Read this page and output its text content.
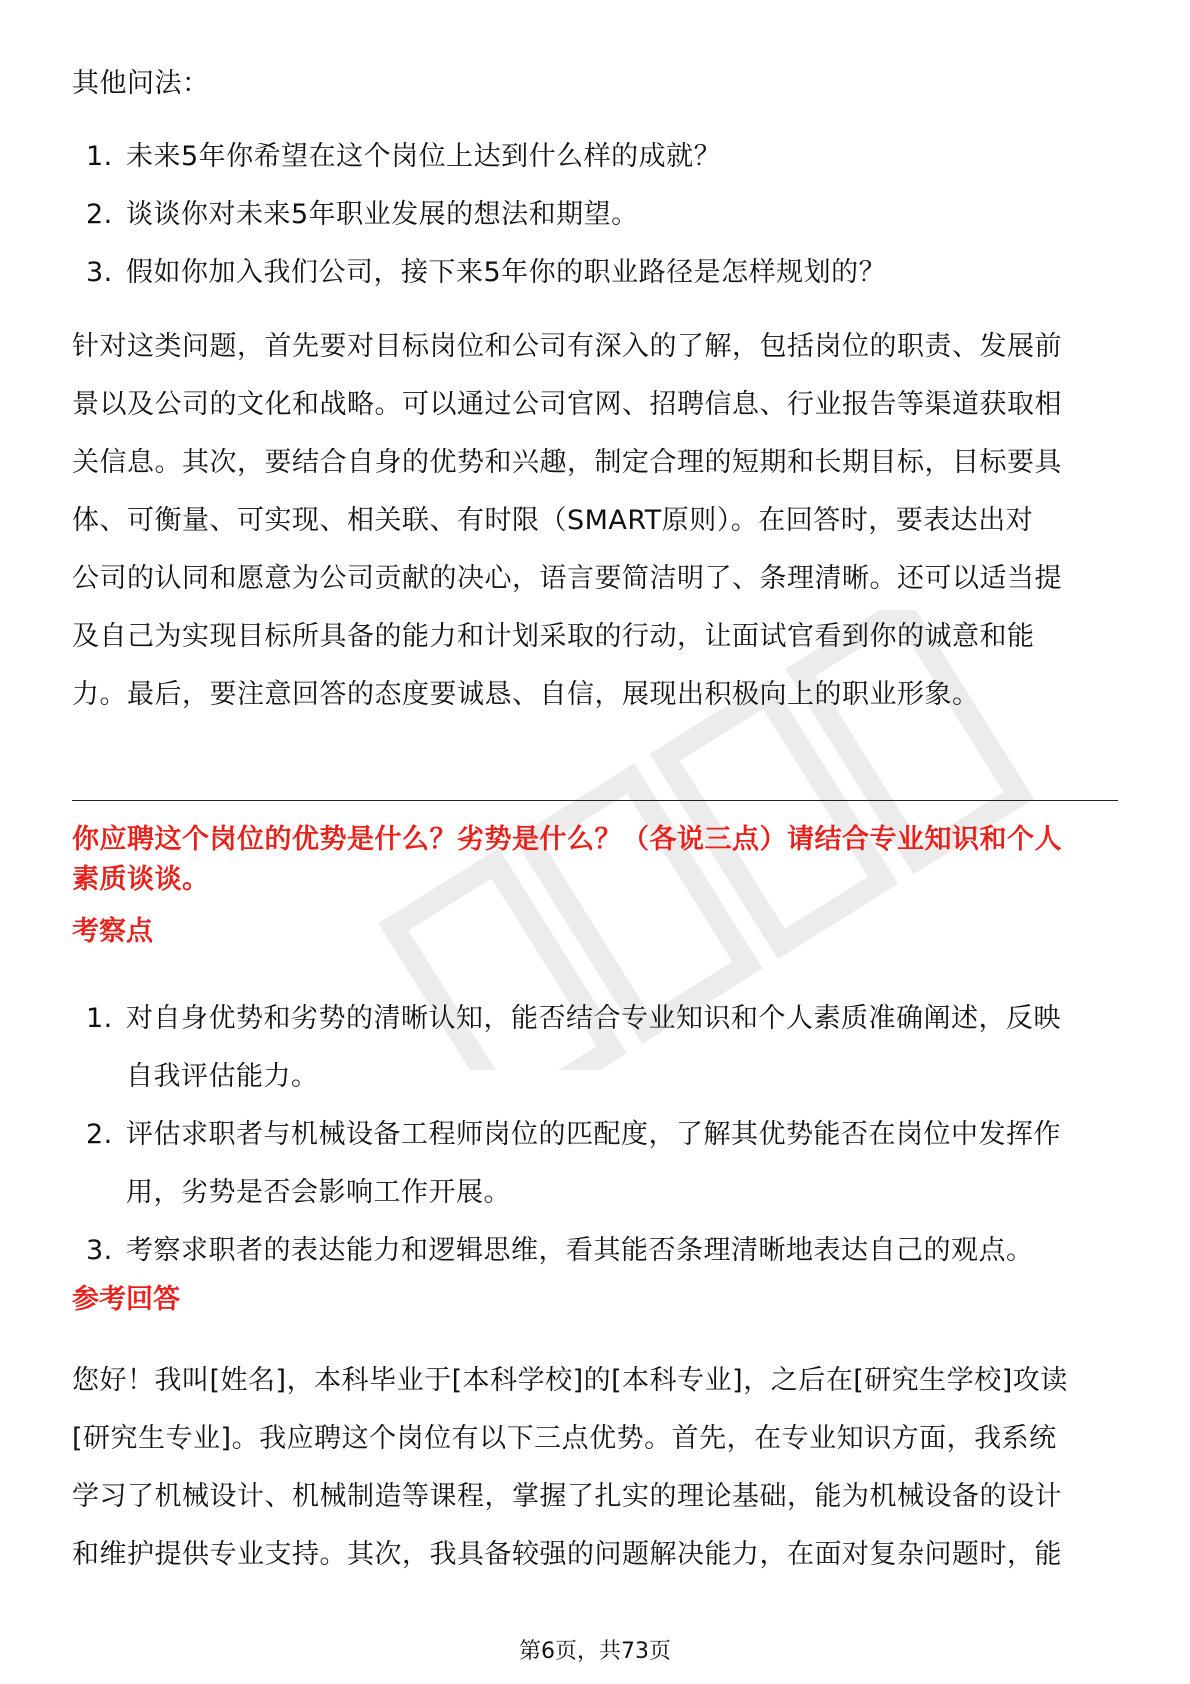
其他问法：
1. 未来5年你希望在这个岗位上达到什么样的成就？
2. 谈谈你对未来5年职业发展的想法和期望。
3. 假如你加入我们公司，接下来5年你的职业路径是怎样规划的？
针对这类问题，首先要对目标岗位和公司有深入的了解，包括岗位的职责、发展前
景以及公司的文化和战略。可以通过公司官网、招聘信息、行业报告等渠道获取相
关信息。其次，要结合自身的优势和兴趣，制定合理的短期和长期目标，目标要具
体、可衡量、可实现、相关联、有时限（SMART原则）。在回答时，要表达出对
公司的认同和愿意为公司贡献的决心，语言要简洁明了、条理清晰。还可以适当提
及自己为实现目标所具备的能力和计划采取的行动，让面试官看到你的诚意和能
力。最后，要注意回答的态度要诚恳、自信，展现出积极向上的职业形象。
你应聘这个岗位的优势是什么？劣势是什么？（各说三点）请结合专业知识和个人
素质谈谈。
考察点
1. 对自身优势和劣势的清晰认知，能否结合专业知识和个人素质准确阐述，反映
自我评估能力。
2. 评估求职者与机械设备工程师岗位的匹配度，了解其优势能否在岗位中发挥作
用，劣势是否会影响工作开展。
3. 考察求职者的表达能力和逻辑思维，看其能否条理清晰地表达自己的观点。
参考回答
您好！我叫[姓名]，本科毕业于[本科学校]的[本科专业]，之后在[研究生学校]攻读
[研究生专业]。我应聘这个岗位有以下三点优势。首先，在专业知识方面，我系统
学习了机械设计、机械制造等课程，掌握了扎实的理论基础，能为机械设备的设计
和维护提供专业支持。其次，我具备较强的问题解决能力，在面对复杂问题时，能
第6页，共73页
